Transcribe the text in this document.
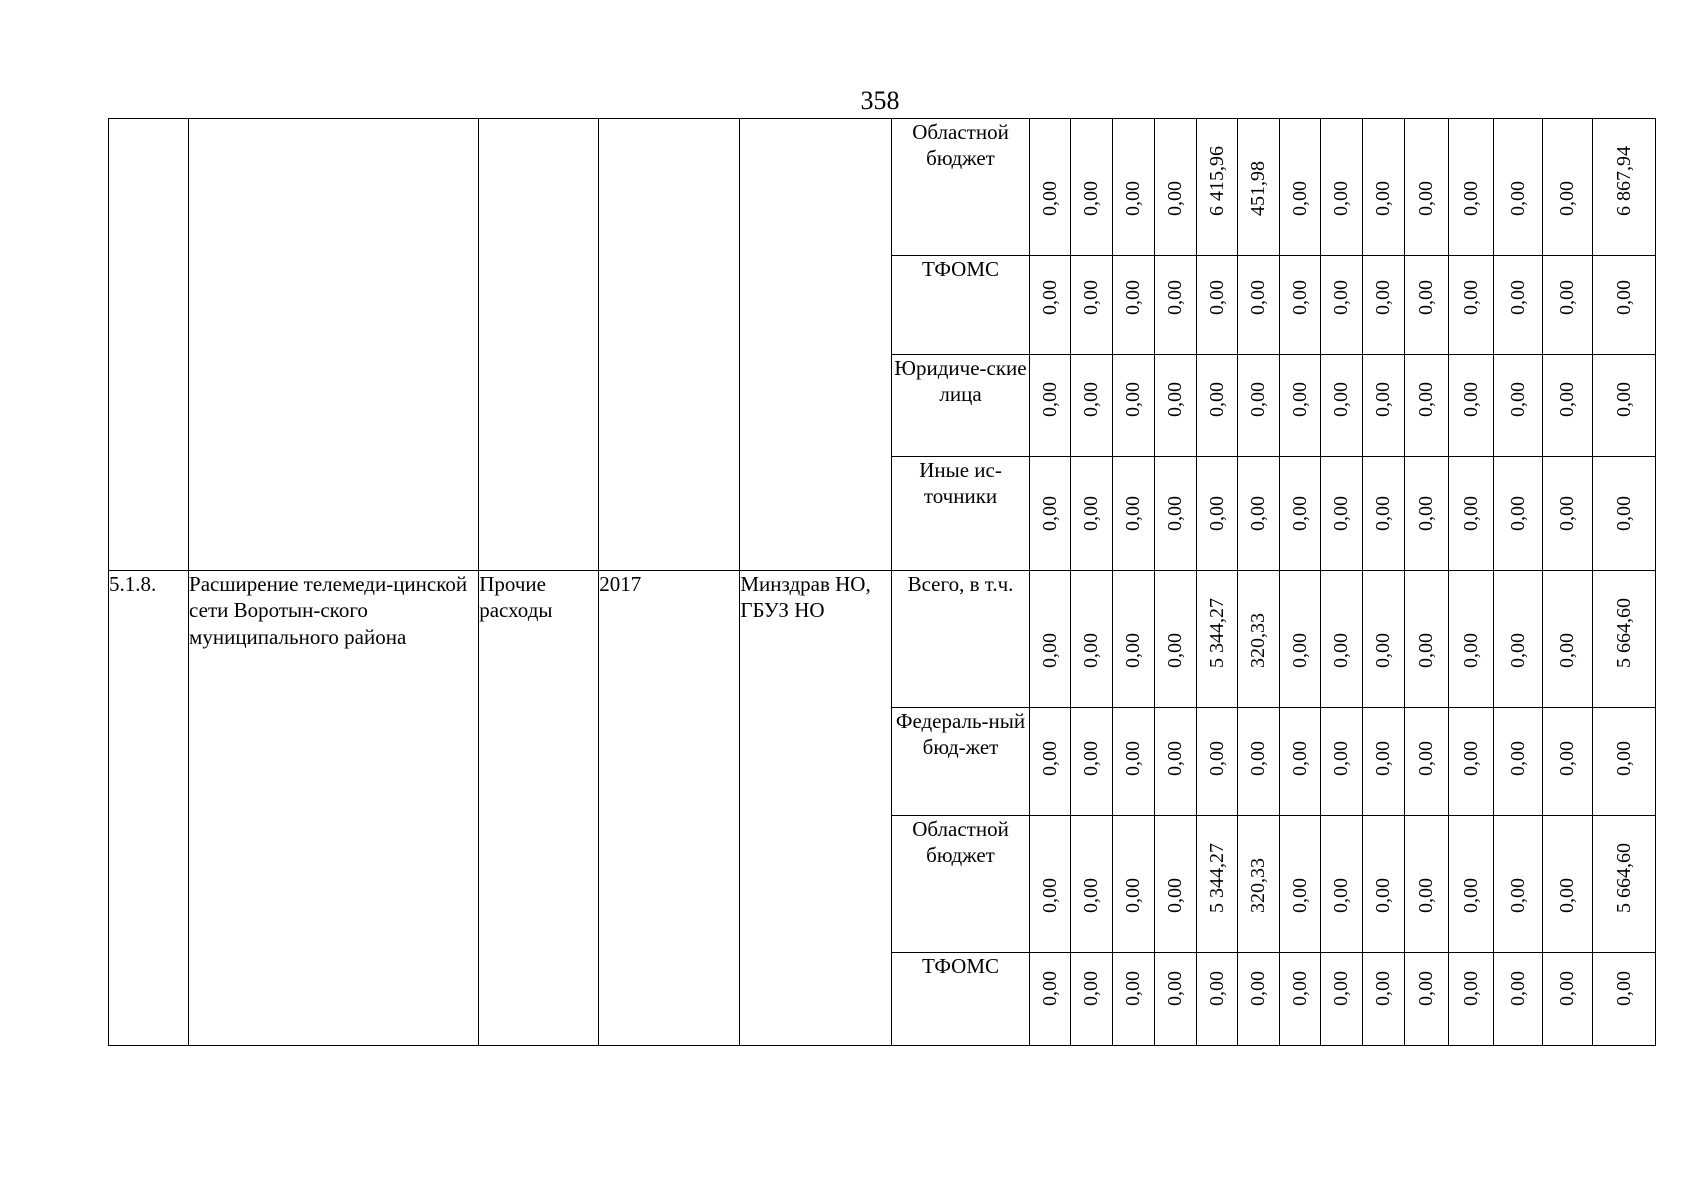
358
					Областной бюджет	0,00	0,00	0,00	0,00	6 415,96	451,98	0,00	0,00	0,00	0,00	0,00	0,00	0,00	6 867,94

					ТФОМС	0,00	0,00	0,00	0,00	0,00	0,00	0,00	0,00	0,00	0,00	0,00	0,00	0,00	0,00

					Юридиче-ские лица	0,00	0,00	0,00	0,00	0,00	0,00	0,00	0,00	0,00	0,00	0,00	0,00	0,00	0,00

					Иные ис-точники	0,00	0,00	0,00	0,00	0,00	0,00	0,00	0,00	0,00	0,00	0,00	0,00	0,00	0,00

5.1.8.	Расширение телемеди-цинской сети Воротын-ского муниципального района	Прочие расходы	2017	Минздрав НО, ГБУЗ НО	Всего, в т.ч.	0,00	0,00	0,00	0,00	5 344,27	320,33	0,00	0,00	0,00	0,00	0,00	0,00	0,00	5 664,60

					Федераль-ный бюд-жет	0,00	0,00	0,00	0,00	0,00	0,00	0,00	0,00	0,00	0,00	0,00	0,00	0,00	0,00

					Областной бюджет	0,00	0,00	0,00	0,00	5 344,27	320,33	0,00	0,00	0,00	0,00	0,00	0,00	0,00	5 664,60

					ТФОМС	0,00	0,00	0,00	0,00	0,00	0,00	0,00	0,00	0,00	0,00	0,00	0,00	0,00	0,00
